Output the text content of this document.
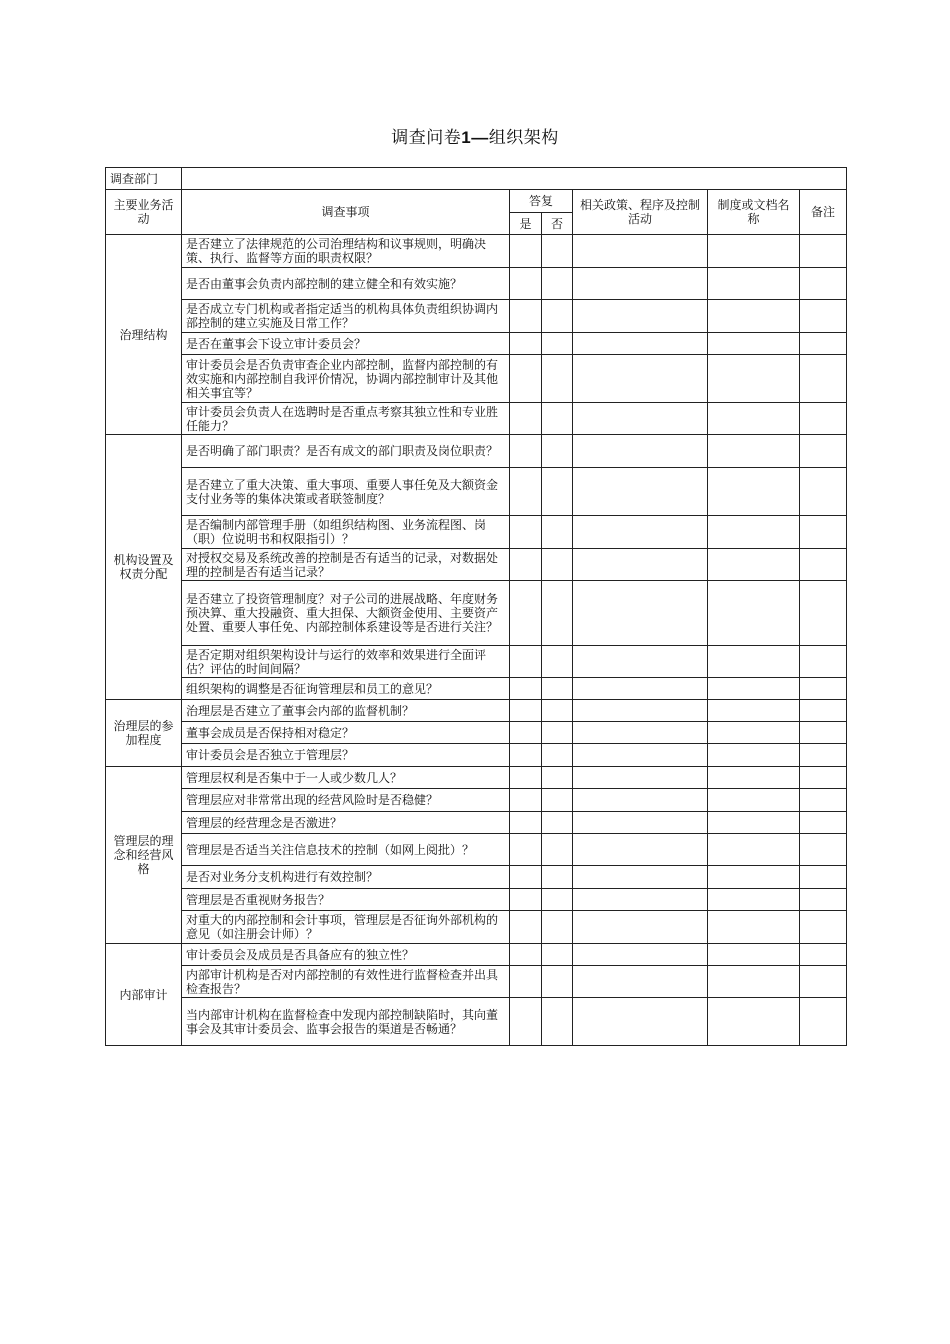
调查问卷1—组织架构
调查部门						
主要业务活动	调查事项	答复		相关政策、程序及控制活动	制度或文档名称	备注
		是	否			
治理结构	是否建立了法律规范的公司治理结构和议事规则，明确决策、执行、监督等方面的职责权限？					
	是否由董事会负责内部控制的建立健全和有效实施？					
	是否成立专门机构或者指定适当的机构具体负责组织协调内部控制的建立实施及日常工作？					
	是否在董事会下设立审计委员会？					
	审计委员会是否负责审查企业内部控制，监督内部控制的有效实施和内部控制自我评价情况，协调内部控制审计及其他相关事宜等？					
	审计委员会负责人在选聘时是否重点考察其独立性和专业胜任能力？					
机构设置及权责分配	是否明确了部门职责？是否有成文的部门职责及岗位职责？					
	是否建立了重大决策、重大事项、重要人事任免及大额资金支付业务等的集体决策或者联签制度？					
	是否编制内部管理手册（如组织结构图、业务流程图、岗（职）位说明书和权限指引）？					
	对授权交易及系统改善的控制是否有适当的记录，对数据处理的控制是否有适当记录？					
	是否建立了投资管理制度？对子公司的进展战略、年度财务预决算、重大投融资、重大担保、大额资金使用、主要资产处置、重要人事任免、内部控制体系建设等是否进行关注？					
	是否定期对组织架构设计与运行的效率和效果进行全面评估？评估的时间间隔？					
	组织架构的调整是否征询管理层和员工的意见？					
治理层的参加程度	治理层是否建立了董事会内部的监督机制？					
	董事会成员是否保持相对稳定？					
	审计委员会是否独立于管理层？					
管理层的理念和经营风格	管理层权利是否集中于一人或少数几人？					
	管理层应对非常常出现的经营风险时是否稳健？					
	管理层的经营理念是否激进？					
	管理层是否适当关注信息技术的控制（如网上阅批）？					
	是否对业务分支机构进行有效控制？					
	管理层是否重视财务报告？					
	对重大的内部控制和会计事项，管理层是否征询外部机构的意见（如注册会计师）？					
内部审计	审计委员会及成员是否具备应有的独立性？					
	内部审计机构是否对内部控制的有效性进行监督检查并出具检查报告？					
	当内部审计机构在监督检查中发现内部控制缺陷时，其向董事会及其审计委员会、监事会报告的渠道是否畅通？					
